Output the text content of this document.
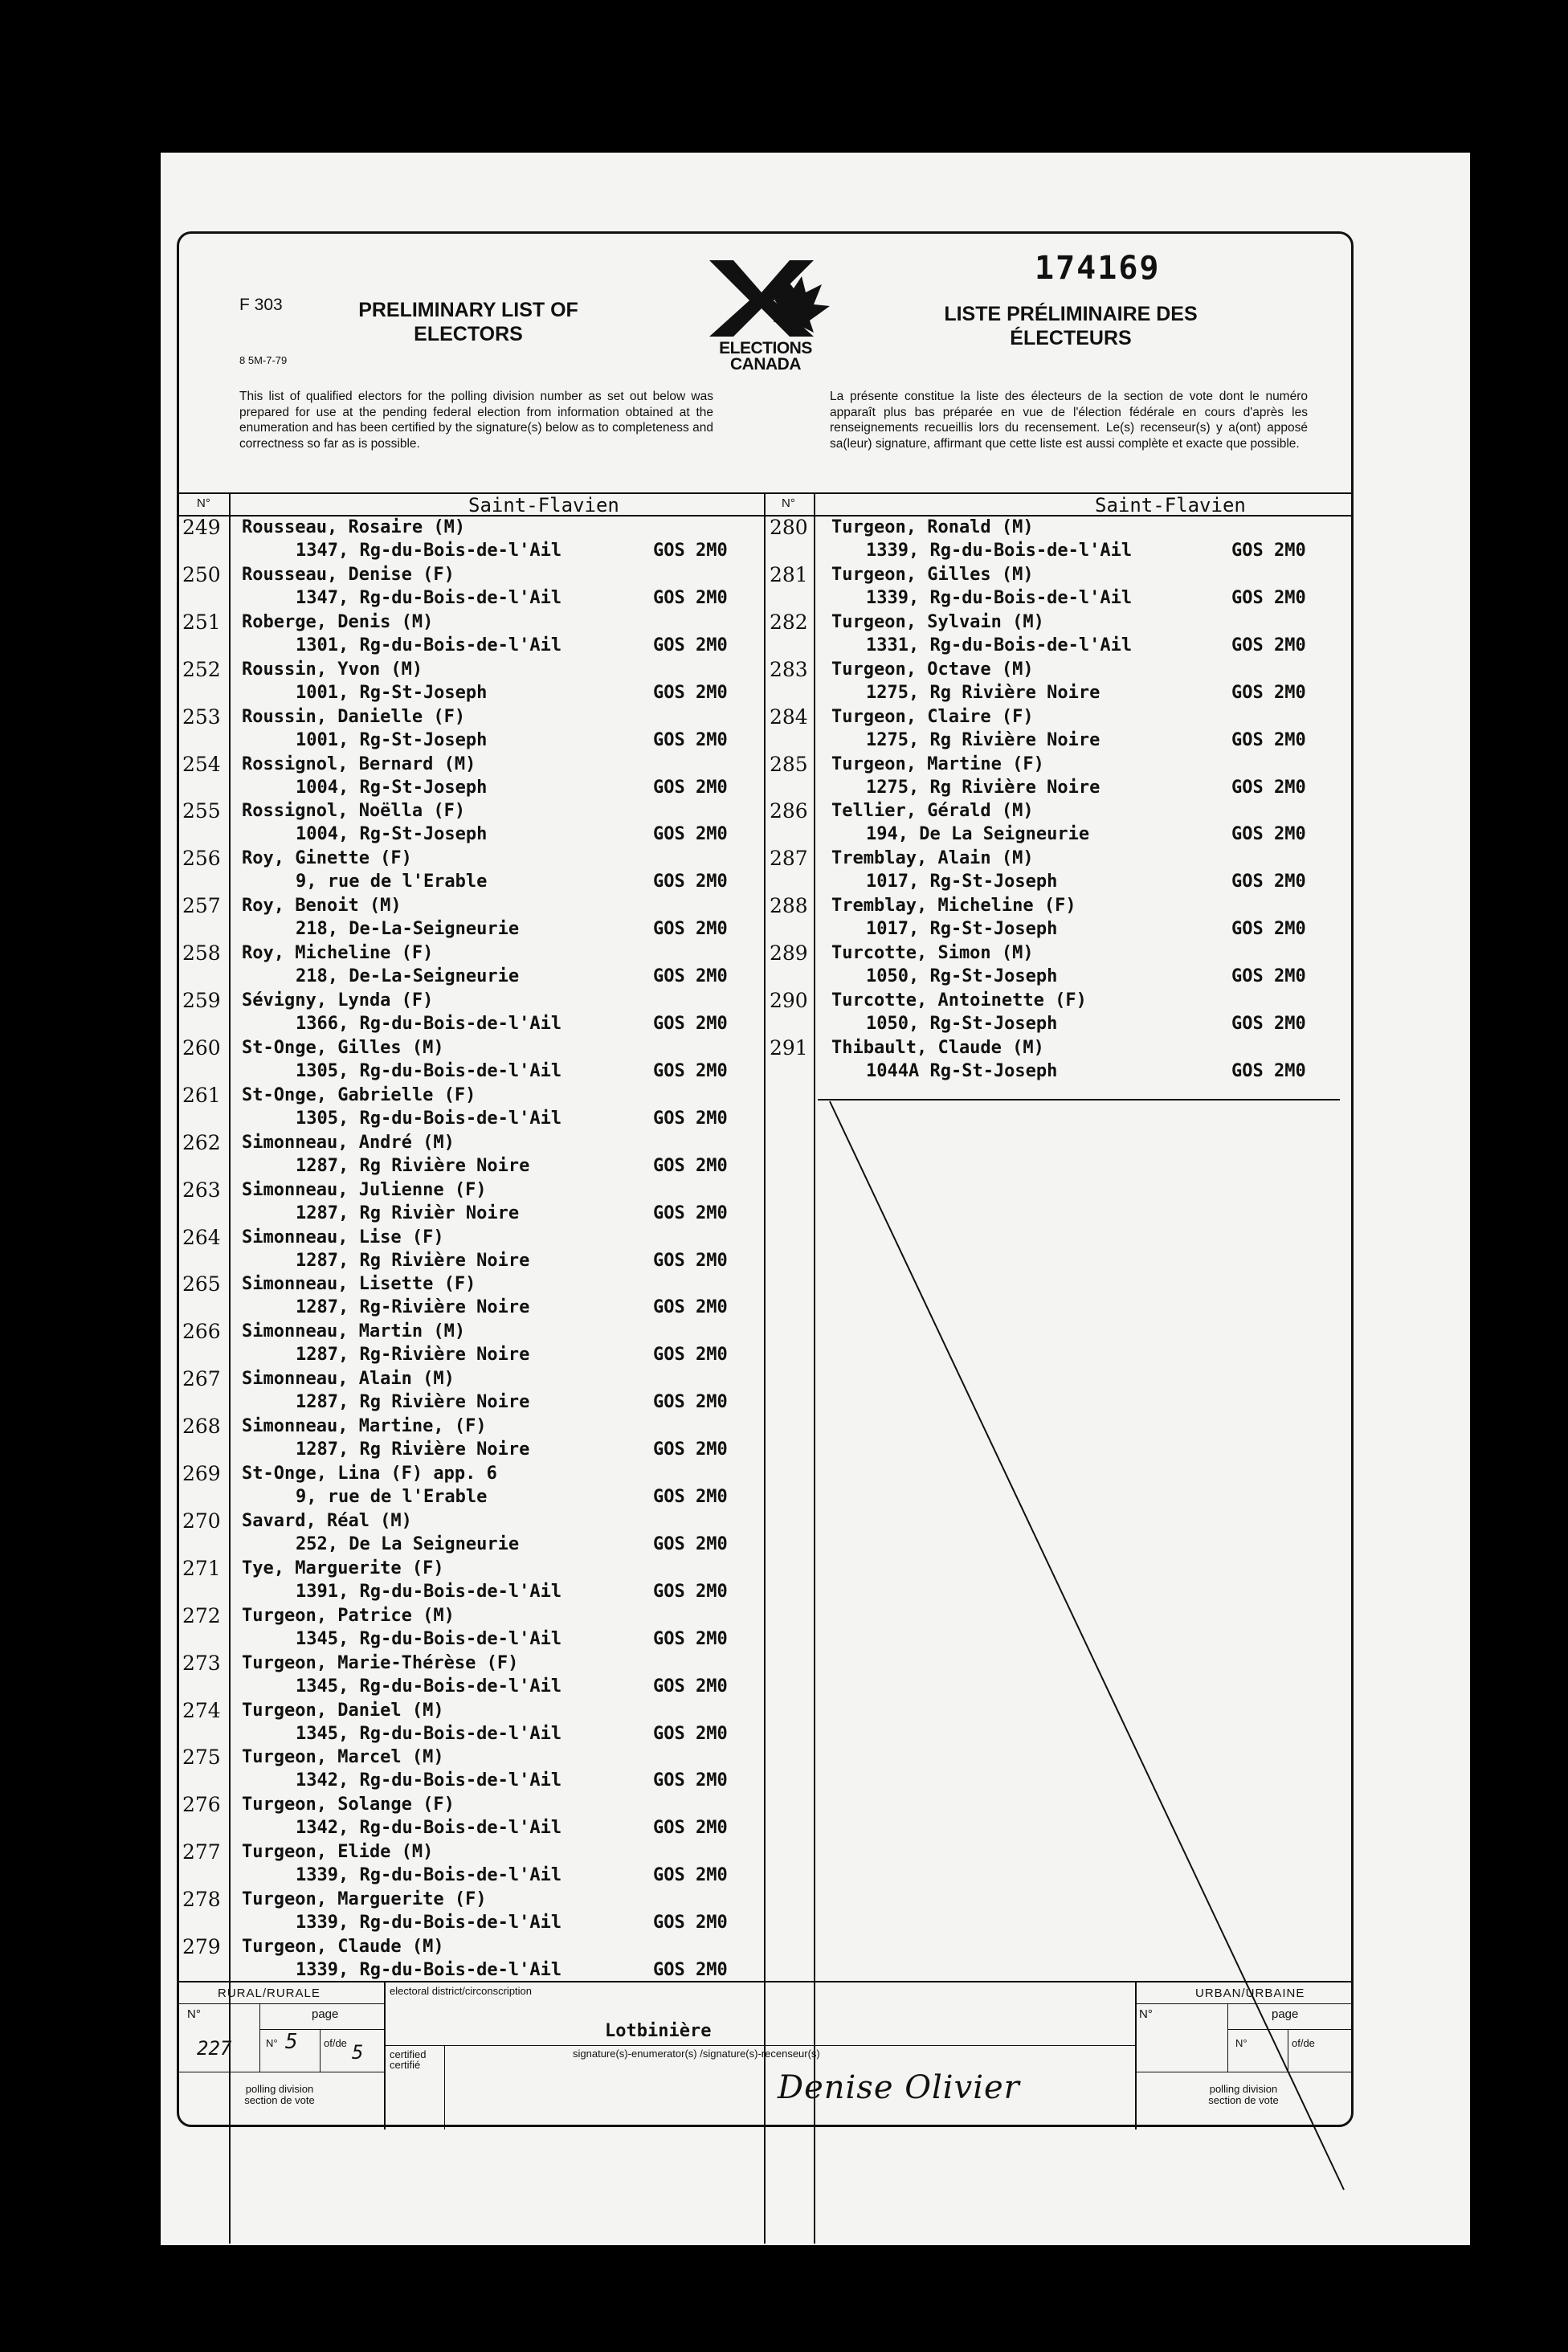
F 303
8 5M-7-79
PRELIMINARY LIST OF
ELECTORS
ELECTIONS
CANADA
174169
LISTE PRÉLIMINAIRE DES
ÉLECTEURS
This list of qualified electors for the polling division number as set out below was prepared for use at the pending federal election from information obtained at the enumeration and has been certified by the signature(s) below as to completeness and correctness so far as is possible.
La présente constitue la liste des électeurs de la section de vote dont le numéro apparaît plus bas préparée en vue de l'élection fédérale en cours d'après les renseignements recueillis lors du recensement. Le(s) recenseur(s) y a(ont) apposé sa(leur) signature, affirmant que cette liste est aussi complète et exacte que possible.
N°	Saint-Flavien	N°	Saint-Flavien
249 Rousseau, Rosaire (M)
1347, Rg-du-Bois-de-l'Ail	GOS 2M0
250 Rousseau, Denise (F)
1347, Rg-du-Bois-de-l'Ail	GOS 2M0
251 Roberge, Denis (M)
1301, Rg-du-Bois-de-l'Ail	GOS 2M0
252 Roussin, Yvon (M)
1001, Rg-St-Joseph	GOS 2M0
253 Roussin, Danielle (F)
1001, Rg-St-Joseph	GOS 2M0
254 Rossignol, Bernard (M)
1004, Rg-St-Joseph	GOS 2M0
255 Rossignol, Noëlla (F)
1004, Rg-St-Joseph	GOS 2M0
256 Roy, Ginette (F)
9, rue de l'Erable	GOS 2M0
257 Roy, Benoit (M)
218, De-La-Seigneurie	GOS 2M0
258 Roy, Micheline (F)
218, De-La-Seigneurie	GOS 2M0
259 Sévigny, Lynda (F)
1366, Rg-du-Bois-de-l'Ail	GOS 2M0
260 St-Onge, Gilles (M)
1305, Rg-du-Bois-de-l'Ail	GOS 2M0
261 St-Onge, Gabrielle (F)
1305, Rg-du-Bois-de-l'Ail	GOS 2M0
262 Simonneau, André (M)
1287, Rg Rivière Noire	GOS 2M0
263 Simonneau, Julienne (F)
1287, Rg Rivièr Noire	GOS 2M0
264 Simonneau, Lise (F)
1287, Rg Rivière Noire	GOS 2M0
265 Simonneau, Lisette (F)
1287, Rg-Rivière Noire	GOS 2M0
266 Simonneau, Martin (M)
1287, Rg-Rivière Noire	GOS 2M0
267 Simonneau, Alain (M)
1287, Rg Rivière Noire	GOS 2M0
268 Simonneau, Martine, (F)
1287, Rg Rivière Noire	GOS 2M0
269 St-Onge, Lina (F) app. 6
9, rue de l'Erable	GOS 2M0
270 Savard, Réal (M)
252, De La Seigneurie	GOS 2M0
271 Tye, Marguerite (F)
1391, Rg-du-Bois-de-l'Ail	GOS 2M0
272 Turgeon, Patrice (M)
1345, Rg-du-Bois-de-l'Ail	GOS 2M0
273 Turgeon, Marie-Thérèse (F)
1345, Rg-du-Bois-de-l'Ail	GOS 2M0
274 Turgeon, Daniel (M)
1345, Rg-du-Bois-de-l'Ail	GOS 2M0
275 Turgeon, Marcel (M)
1342, Rg-du-Bois-de-l'Ail	GOS 2M0
276 Turgeon, Solange (F)
1342, Rg-du-Bois-de-l'Ail	GOS 2M0
277 Turgeon, Elide (M)
1339, Rg-du-Bois-de-l'Ail	GOS 2M0
278 Turgeon, Marguerite (F)
1339, Rg-du-Bois-de-l'Ail	GOS 2M0
279 Turgeon, Claude (M)
1339, Rg-du-Bois-de-l'Ail	GOS 2M0
280 Turgeon, Ronald (M)
1339, Rg-du-Bois-de-l'Ail	GOS 2M0
281 Turgeon, Gilles (M)
1339, Rg-du-Bois-de-l'Ail	GOS 2M0
282 Turgeon, Sylvain (M)
1331, Rg-du-Bois-de-l'Ail	GOS 2M0
283 Turgeon, Octave (M)
1275, Rg Rivière Noire	GOS 2M0
284 Turgeon, Claire (F)
1275, Rg Rivière Noire	GOS 2M0
285 Turgeon, Martine (F)
1275, Rg Rivière Noire	GOS 2M0
286 Tellier, Gérald (M)
194, De La Seigneurie	GOS 2M0
287 Tremblay, Alain (M)
1017, Rg-St-Joseph	GOS 2M0
288 Tremblay, Micheline (F)
1017, Rg-St-Joseph	GOS 2M0
289 Turcotte, Simon (M)
1050, Rg-St-Joseph	GOS 2M0
290 Turcotte, Antoinette (F)
1050, Rg-St-Joseph	GOS 2M0
291 Thibault, Claude (M)
1044A Rg-St-Joseph	GOS 2M0
RURAL/RURALE
N°	page
227	N° 5 of/de 5
polling division
section de vote
electoral district/circonscription
Lotbinière
certified
certifié
signature(s)-enumerator(s) /signature(s)-recenseur(s)
Denise Olivier
URBAN/URBAINE
N°	page
N°	of/de
polling division
section de vote
